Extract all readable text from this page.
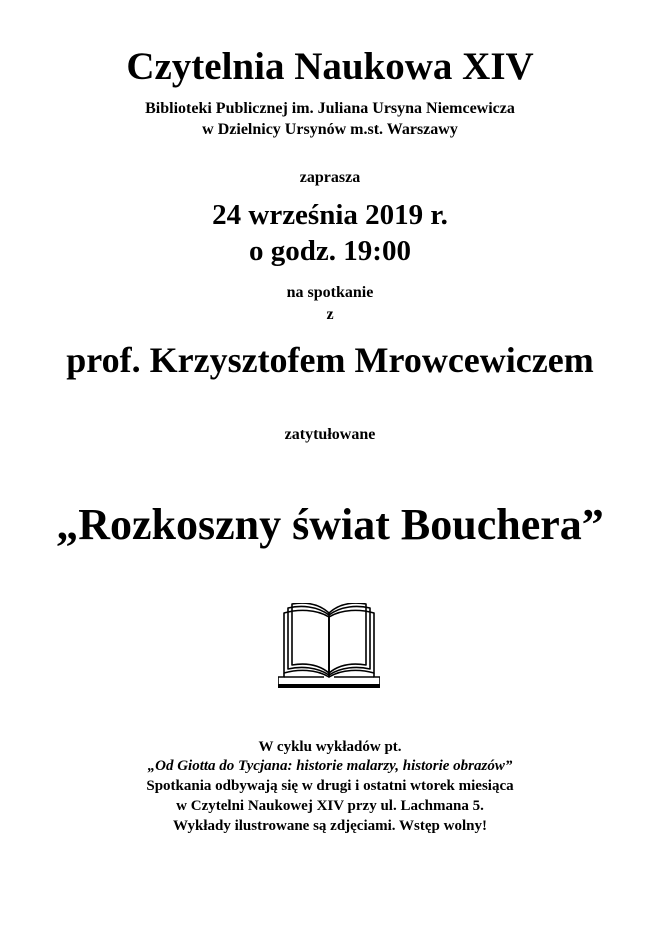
Czytelnia Naukowa XIV
Biblioteki Publicznej im. Juliana Ursyna Niemcewicza
w Dzielnicy Ursynów m.st. Warszawy
zaprasza
24 września 2019 r.
o godz. 19:00
na spotkanie
z
prof. Krzysztofem Mrowcewiczem
zatytułowane
„Rozkoszny świat Bouchera”
W cyklu wykładów pt.
„Od Giotta do Tycjana: historie malarzy, historie obrazów”
Spotkania odbywają się w drugi i ostatni wtorek miesiąca
w Czytelni Naukowej XIV przy ul. Lachmana 5.
Wykłady ilustrowane są zdjęciami. Wstęp wolny!
